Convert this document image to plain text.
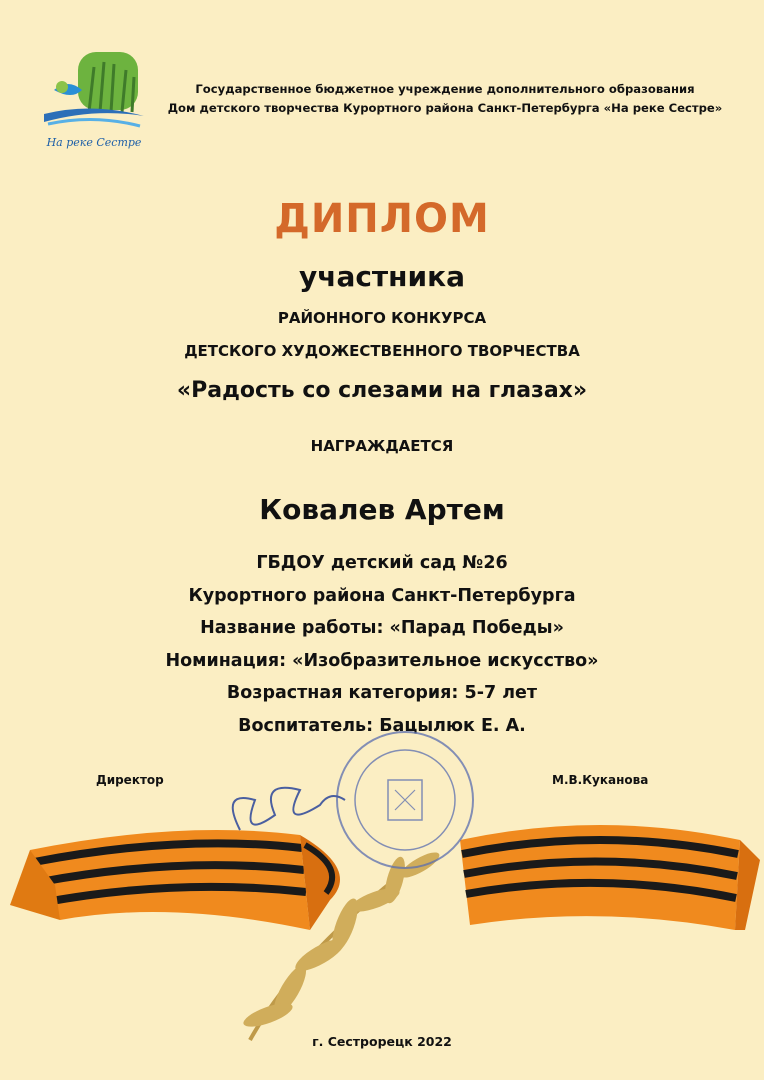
На реке Сестре
Государственное бюджетное учреждение дополнительного образования
Дом детского творчества Курортного района Санкт-Петербурга «На реке Сестре»
ДИПЛОМ
участника
РАЙОННОГО КОНКУРСА
ДЕТСКОГО ХУДОЖЕСТВЕННОГО ТВОРЧЕСТВА
«Радость со слезами на глазах»
НАГРАЖДАЕТСЯ
Ковалев Артем
ГБДОУ детский сад №26
Курортного района Санкт-Петербурга
Название работы: «Парад Победы»
Номинация: «Изобразительное искусство»
Возрастная категория: 5-7 лет
Воспитатель: Бацылюк Е. А.
Директор	М.В.Куканова
г. Сестрорецк 2022
